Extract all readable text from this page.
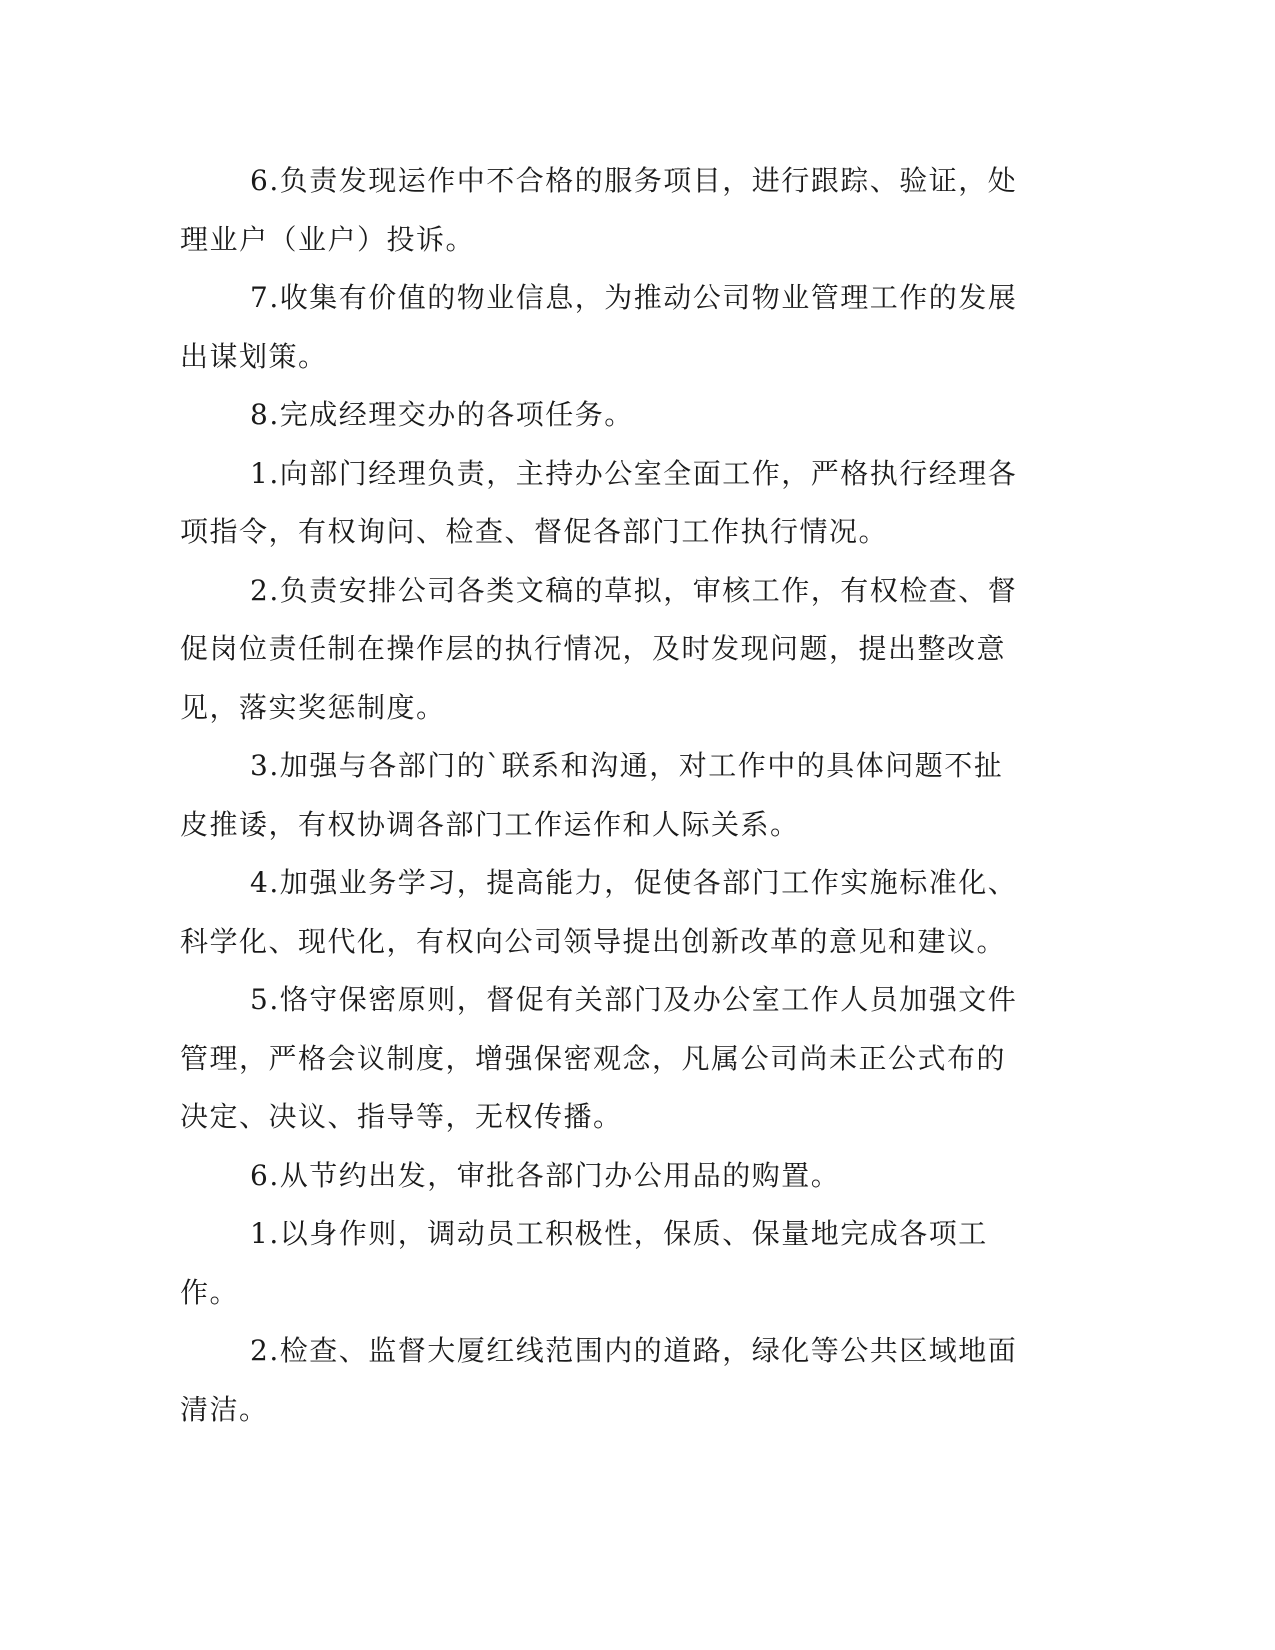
6.负责发现运作中不合格的服务项目，进行跟踪、验证，处理业户（业户）投诉。

7.收集有价值的物业信息，为推动公司物业管理工作的发展出谋划策。

8.完成经理交办的各项任务。

1.向部门经理负责，主持办公室全面工作，严格执行经理各项指令，有权询问、检查、督促各部门工作执行情况。

2.负责安排公司各类文稿的草拟，审核工作，有权检查、督促岗位责任制在操作层的执行情况，及时发现问题，提出整改意见，落实奖惩制度。

3.加强与各部门的`联系和沟通，对工作中的具体问题不扯皮推诿，有权协调各部门工作运作和人际关系。

4.加强业务学习，提高能力，促使各部门工作实施标准化、科学化、现代化，有权向公司领导提出创新改革的意见和建议。

5.恪守保密原则，督促有关部门及办公室工作人员加强文件管理，严格会议制度，增强保密观念，凡属公司尚未正公式布的决定、决议、指导等，无权传播。

6.从节约出发，审批各部门办公用品的购置。

1.以身作则，调动员工积极性，保质、保量地完成各项工作。

2.检查、监督大厦红线范围内的道路，绿化等公共区域地面清洁。
